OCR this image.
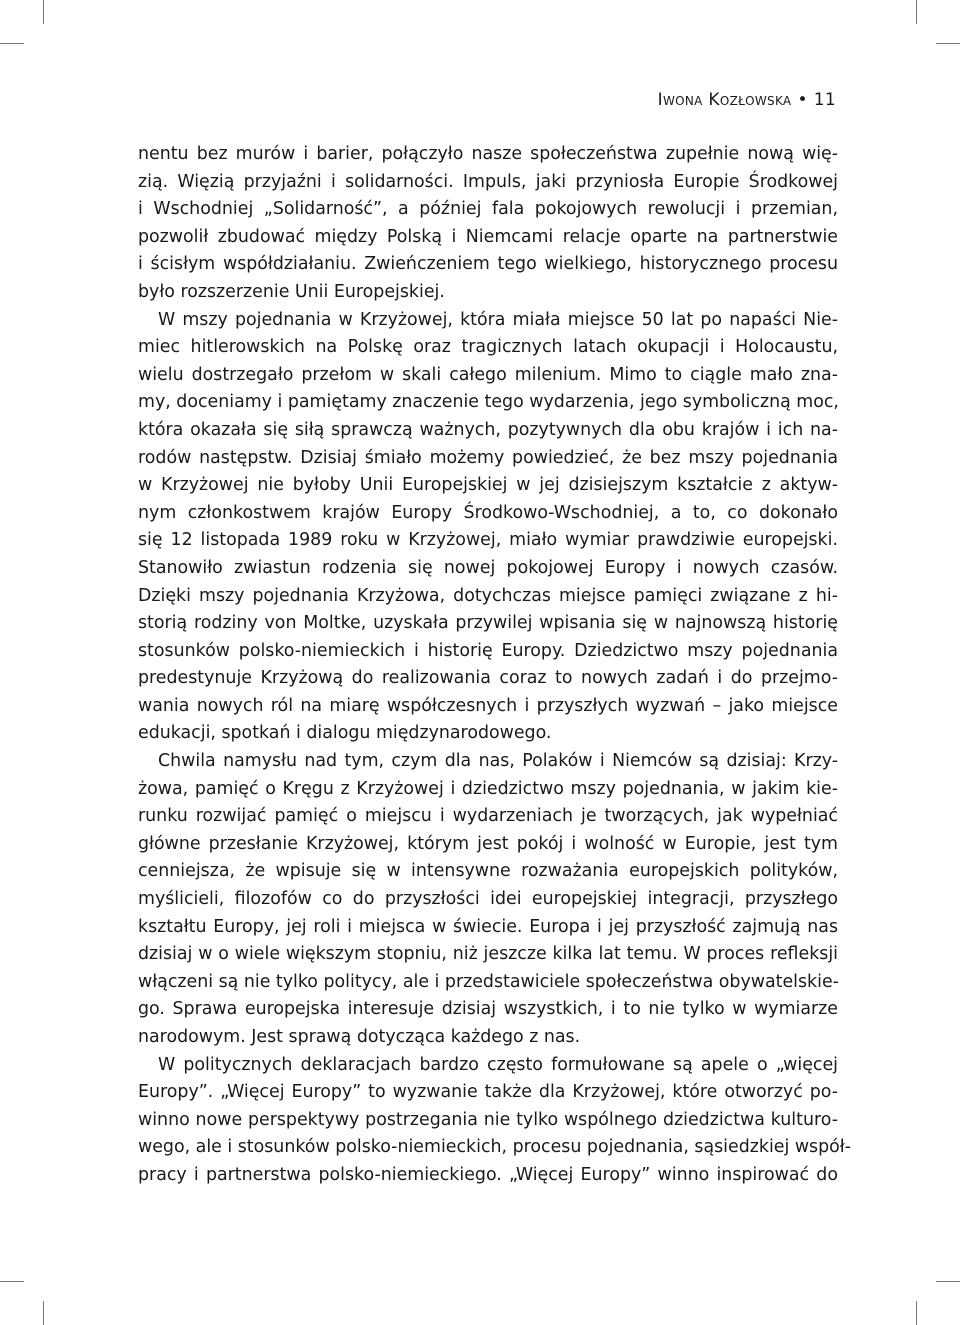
Iwona Kozłowska • 11
nentu bez murów i barier, połączyło nasze społeczeństwa zupełnie nową wię-
zią. Więzią przyjaźni i solidarności. Impuls, jaki przyniosła Europie Środkowej
i Wschodniej „Solidarność”, a później fala pokojowych rewolucji i przemian,
pozwolił zbudować między Polską i Niemcami relacje oparte na partnerstwie
i ścisłym współdziałaniu. Zwieńczeniem tego wielkiego, historycznego procesu
było rozszerzenie Unii Europejskiej.
W mszy pojednania w Krzyżowej, która miała miejsce 50 lat po napaści Nie-
miec hitlerowskich na Polskę oraz tragicznych latach okupacji i Holocaustu,
wielu dostrzegało przełom w skali całego milenium. Mimo to ciągle mało zna-
my, doceniamy i pamiętamy znaczenie tego wydarzenia, jego symboliczną moc,
która okazała się siłą sprawczą ważnych, pozytywnych dla obu krajów i ich na-
rodów następstw. Dzisiaj śmiało możemy powiedzieć, że bez mszy pojednania
w Krzyżowej nie byłoby Unii Europejskiej w jej dzisiejszym kształcie z aktyw-
nym członkostwem krajów Europy Środkowo-Wschodniej, a to, co dokonało
się 12 listopada 1989 roku w Krzyżowej, miało wymiar prawdziwie europejski.
Stanowiło zwiastun rodzenia się nowej pokojowej Europy i nowych czasów.
Dzięki mszy pojednania Krzyżowa, dotychczas miejsce pamięci związane z hi-
storią rodziny von Moltke, uzyskała przywilej wpisania się w najnowszą historię
stosunków polsko-niemieckich i historię Europy. Dziedzictwo mszy pojednania
predestynuje Krzyżową do realizowania coraz to nowych zadań i do przejmo-
wania nowych ról na miarę współczesnych i przyszłych wyzwań – jako miejsce
edukacji, spotkań i dialogu międzynarodowego.
Chwila namysłu nad tym, czym dla nas, Polaków i Niemców są dzisiaj: Krzy-
żowa, pamięć o Kręgu z Krzyżowej i dziedzictwo mszy pojednania, w jakim kie-
runku rozwijać pamięć o miejscu i wydarzeniach je tworzących, jak wypełniać
główne przesłanie Krzyżowej, którym jest pokój i wolność w Europie, jest tym
cenniejsza, że wpisuje się w intensywne rozważania europejskich polityków,
myślicieli, filozofów co do przyszłości idei europejskiej integracji, przyszłego
kształtu Europy, jej roli i miejsca w świecie. Europa i jej przyszłość zajmują nas
dzisiaj w o wiele większym stopniu, niż jeszcze kilka lat temu. W proces refleksji
włączeni są nie tylko politycy, ale i przedstawiciele społeczeństwa obywatelskie-
go. Sprawa europejska interesuje dzisiaj wszystkich, i to nie tylko w wymiarze
narodowym. Jest sprawą dotycząca każdego z nas.
W politycznych deklaracjach bardzo często formułowane są apele o „więcej
Europy”. „Więcej Europy” to wyzwanie także dla Krzyżowej, które otworzyć po-
winno nowe perspektywy postrzegania nie tylko wspólnego dziedzictwa kulturo-
wego, ale i stosunków polsko-niemieckich, procesu pojednania, sąsiedzkiej współ-
pracy i partnerstwa polsko-niemieckiego. „Więcej Europy” winno inspirować do
